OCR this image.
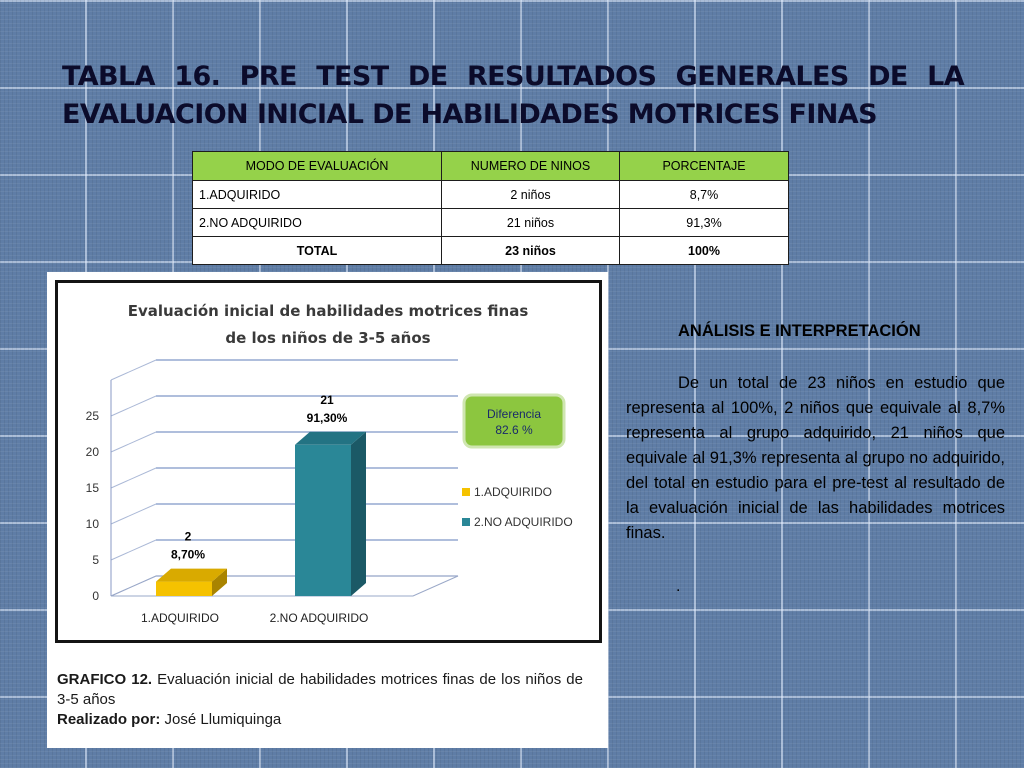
TABLA 16. PRE TEST DE RESULTADOS GENERALES DE LA EVALUACION INICIAL DE HABILIDADES MOTRICES FINAS
MODO DE EVALUACIÓN	NUMERO DE NINOS	PORCENTAJE
1.ADQUIRIDO	2 niños	8,7%
2.NO ADQUIRIDO	21 niños	91,3%
TOTAL	23 niños	100%
Evaluación inicial de habilidades motrices finas
de los niños de 3-5 años
0
5
10
15
20
25
2
8,70%
1.ADQUIRIDO
21
91,30%
2.NO ADQUIRIDO
Diferencia
82.6 %
1.ADQUIRIDO
2.NO ADQUIRIDO
GRAFICO 12. Evaluación inicial de habilidades motrices finas de los niños de 3-5 años
Realizado por: José Llumiquinga
ANÁLISIS E INTERPRETACIÓN
De un total de 23 niños en estudio que representa al 100%, 2 niños que equivale al 8,7% representa al grupo adquirido, 21 niños que equivale al 91,3% representa al grupo no adquirido, del total en estudio para el pre-test al resultado de la evaluación inicial de las habilidades motrices finas.
.
